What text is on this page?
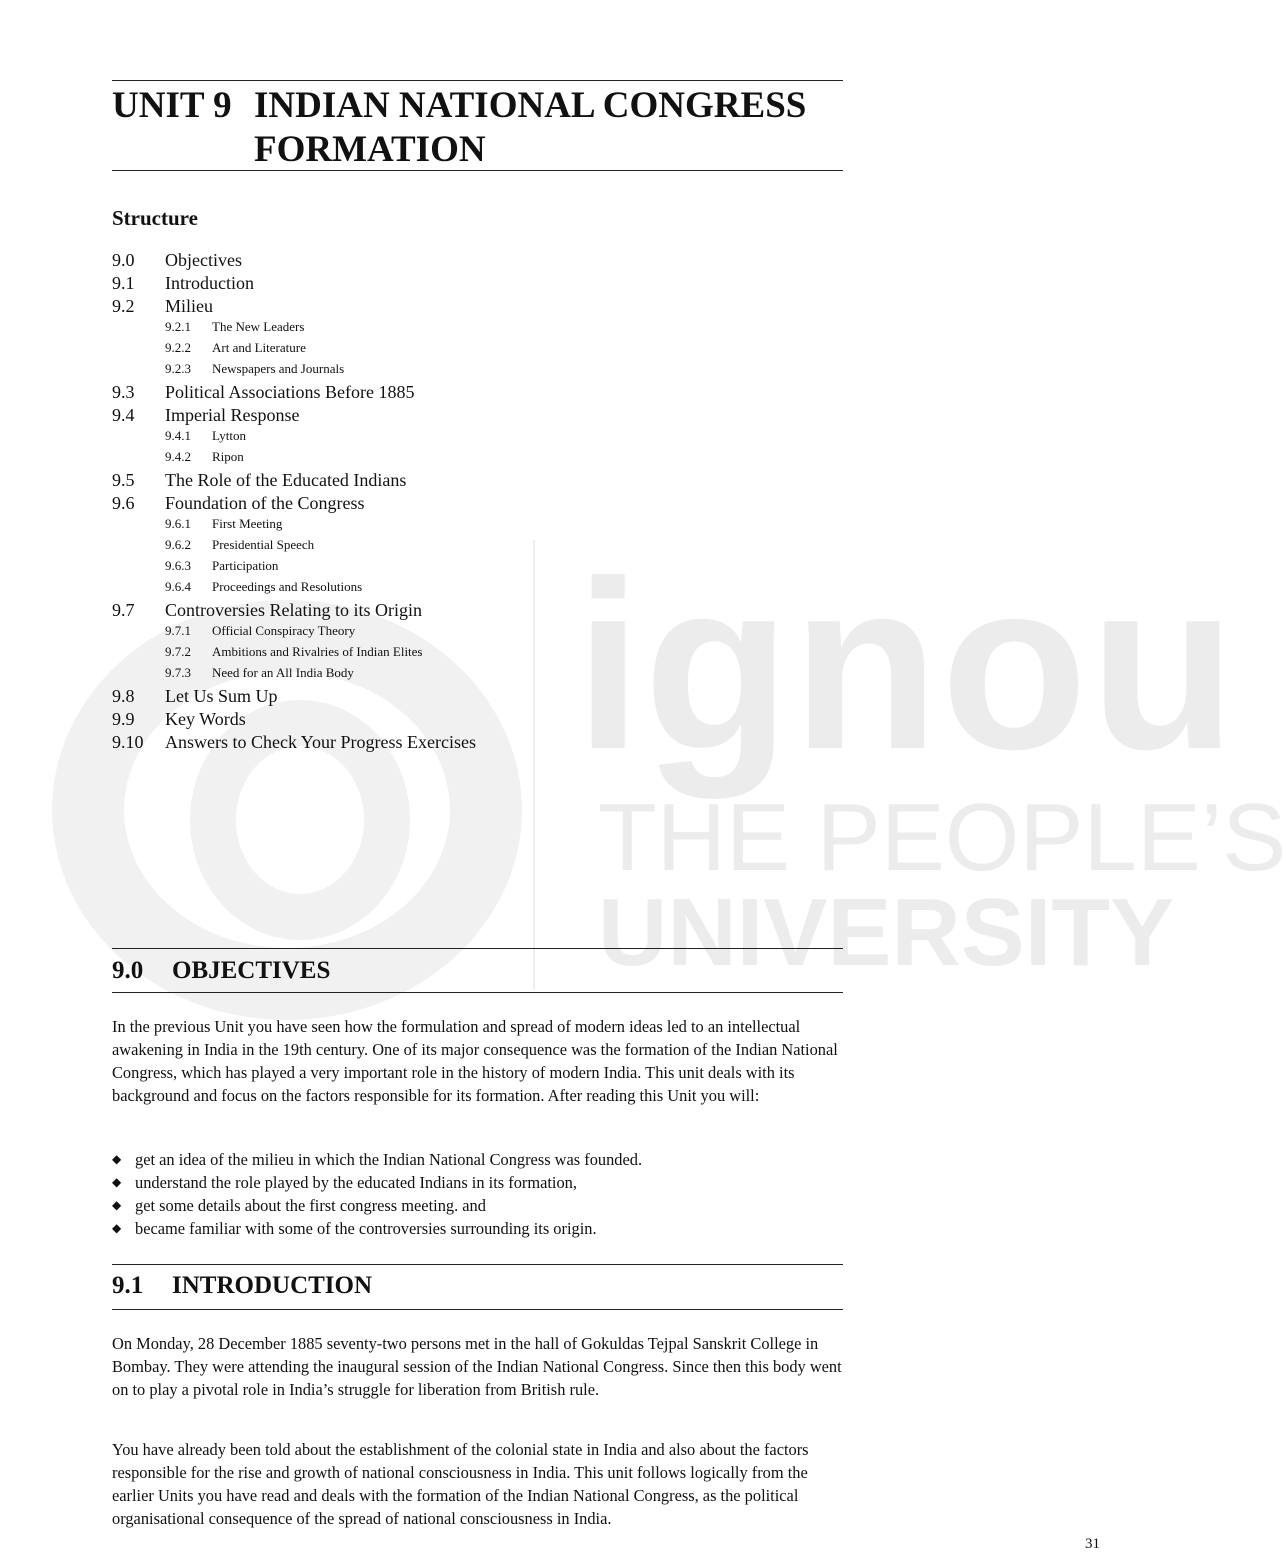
ignou
THE PEOPLE’S
UNIVERSITY
UNIT 9 INDIAN NATIONAL CONGRESS
FORMATION
Structure
9.0	Objectives
9.1	Introduction
9.2	Milieu
9.2.1	The New Leaders
9.2.2	Art and Literature
9.2.3	Newspapers and Journals
9.3	Political Associations Before 1885
9.4	Imperial Response
9.4.1	Lytton
9.4.2	Ripon
9.5	The Role of the Educated Indians
9.6	Foundation of the Congress
9.6.1	First Meeting
9.6.2	Presidential Speech
9.6.3	Participation
9.6.4	Proceedings and Resolutions
9.7	Controversies Relating to its Origin
9.7.1	Official Conspiracy Theory
9.7.2	Ambitions and Rivalries of Indian Elites
9.7.3	Need for an All India Body
9.8	Let Us Sum Up
9.9	Key Words
9.10	Answers to Check Your Progress Exercises
9.0 OBJECTIVES

In the previous Unit you have seen how the formulation and spread of modern ideas led to an intellectual awakening in India in the 19th century. One of its major consequence was the formation of the Indian National Congress, which has played a very important role in the history of modern India. This unit deals with its background and focus on the factors responsible for its formation. After reading this Unit you will:

◆ get an idea of the milieu in which the Indian National Congress was founded.
◆ understand the role played by the educated Indians in its formation,
◆ get some details about the first congress meeting. and
◆ became familiar with some of the controversies surrounding its origin.
9.1 INTRODUCTION

On Monday, 28 December 1885 seventy-two persons met in the hall of Gokuldas Tejpal Sanskrit College in Bombay. They were attending the inaugural session of the Indian National Congress. Since then this body went on to play a pivotal role in India’s struggle for liberation from British rule.

You have already been told about the establishment of the colonial state in India and also about the factors responsible for the rise and growth of national consciousness in India. This unit follows logically from the earlier Units you have read and deals with the formation of the Indian National Congress, as the political organisational consequence of the spread of national consciousness in India.

31
